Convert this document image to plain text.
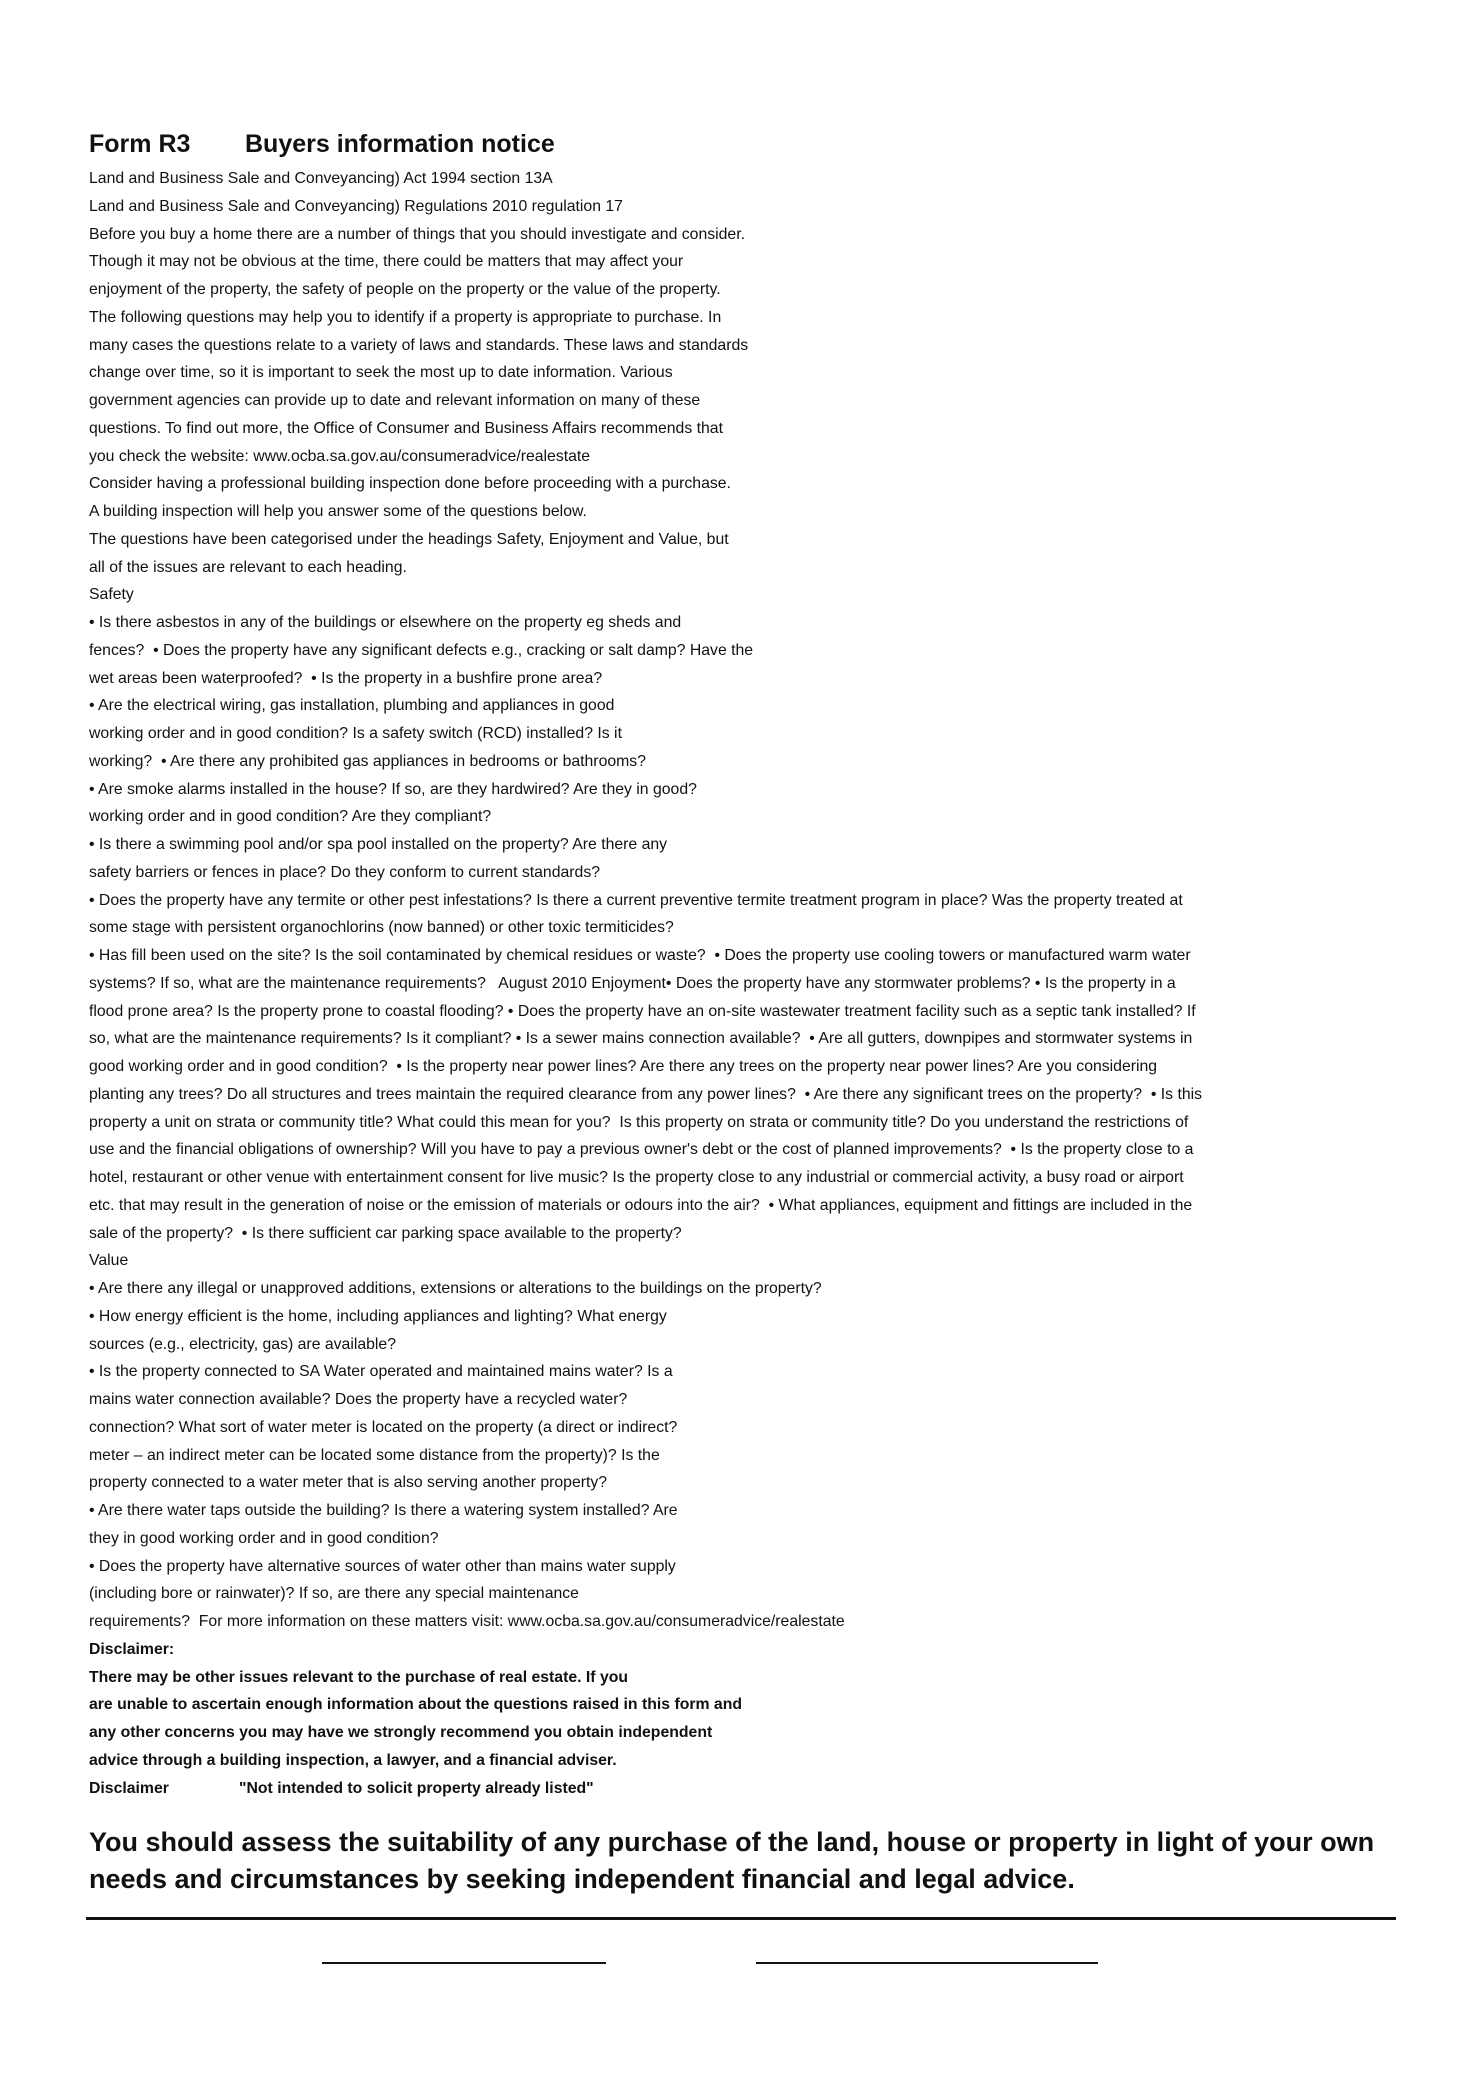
Form R3 Buyers information notice
Land and Business Sale and Conveyancing) Act 1994 section 13A
Land and Business Sale and Conveyancing) Regulations 2010 regulation 17
Before you buy a home there are a number of things that you should investigate and consider.
Though it may not be obvious at the time, there could be matters that may affect your
enjoyment of the property, the safety of people on the property or the value of the property.
The following questions may help you to identify if a property is appropriate to purchase. In
many cases the questions relate to a variety of laws and standards. These laws and standards
change over time, so it is important to seek the most up to date information. Various
government agencies can provide up to date and relevant information on many of these
questions. To find out more, the Office of Consumer and Business Affairs recommends that
you check the website: www.ocba.sa.gov.au/consumeradvice/realestate
Consider having a professional building inspection done before proceeding with a purchase.
A building inspection will help you answer some of the questions below.
The questions have been categorised under the headings Safety, Enjoyment and Value, but
all of the issues are relevant to each heading.
Safety
• Is there asbestos in any of the buildings or elsewhere on the property eg sheds and
fences?  • Does the property have any significant defects e.g., cracking or salt damp? Have the
wet areas been waterproofed?  • Is the property in a bushfire prone area?
• Are the electrical wiring, gas installation, plumbing and appliances in good
working order and in good condition? Is a safety switch (RCD) installed? Is it
working?  • Are there any prohibited gas appliances in bedrooms or bathrooms?
• Are smoke alarms installed in the house? If so, are they hardwired? Are they in good?
working order and in good condition? Are they compliant?
• Is there a swimming pool and/or spa pool installed on the property? Are there any
safety barriers or fences in place? Do they conform to current standards?
• Does the property have any termite or other pest infestations? Is there a current preventive termite treatment program in place? Was the property treated at
some stage with persistent organochlorins (now banned) or other toxic termiticides?
• Has fill been used on the site? Is the soil contaminated by chemical residues or waste?  • Does the property use cooling towers or manufactured warm water
systems? If so, what are the maintenance requirements?   August 2010 Enjoyment• Does the property have any stormwater problems? • Is the property in a
flood prone area? Is the property prone to coastal flooding? • Does the property have an on-site wastewater treatment facility such as a septic tank installed? If
so, what are the maintenance requirements? Is it compliant? • Is a sewer mains connection available?  • Are all gutters, downpipes and stormwater systems in
good working order and in good condition?  • Is the property near power lines? Are there any trees on the property near power lines? Are you considering
planting any trees? Do all structures and trees maintain the required clearance from any power lines?  • Are there any significant trees on the property?  • Is this
property a unit on strata or community title? What could this mean for you?  Is this property on strata or community title? Do you understand the restrictions of
use and the financial obligations of ownership? Will you have to pay a previous owner's debt or the cost of planned improvements?  • Is the property close to a
hotel, restaurant or other venue with entertainment consent for live music? Is the property close to any industrial or commercial activity, a busy road or airport
etc. that may result in the generation of noise or the emission of materials or odours into the air?  • What appliances, equipment and fittings are included in the
sale of the property?  • Is there sufficient car parking space available to the property?
Value
• Are there any illegal or unapproved additions, extensions or alterations to the buildings on the property?
• How energy efficient is the home, including appliances and lighting? What energy
sources (e.g., electricity, gas) are available?
• Is the property connected to SA Water operated and maintained mains water? Is a
mains water connection available? Does the property have a recycled water?
connection? What sort of water meter is located on the property (a direct or indirect?
meter – an indirect meter can be located some distance from the property)? Is the
property connected to a water meter that is also serving another property?
• Are there water taps outside the building? Is there a watering system installed? Are
they in good working order and in good condition?
• Does the property have alternative sources of water other than mains water supply
(including bore or rainwater)? If so, are there any special maintenance
requirements?  For more information on these matters visit: www.ocba.sa.gov.au/consumeradvice/realestate
Disclaimer:
There may be other issues relevant to the purchase of real estate. If you
are unable to ascertain enough information about the questions raised in this form and
any other concerns you may have we strongly recommend you obtain independent
advice through a building inspection, a lawyer, and a financial adviser.
Disclaimer	"Not intended to solicit property already listed"
You should assess the suitability of any purchase of the land, house or property in light of your own needs and circumstances by seeking independent financial and legal advice.
